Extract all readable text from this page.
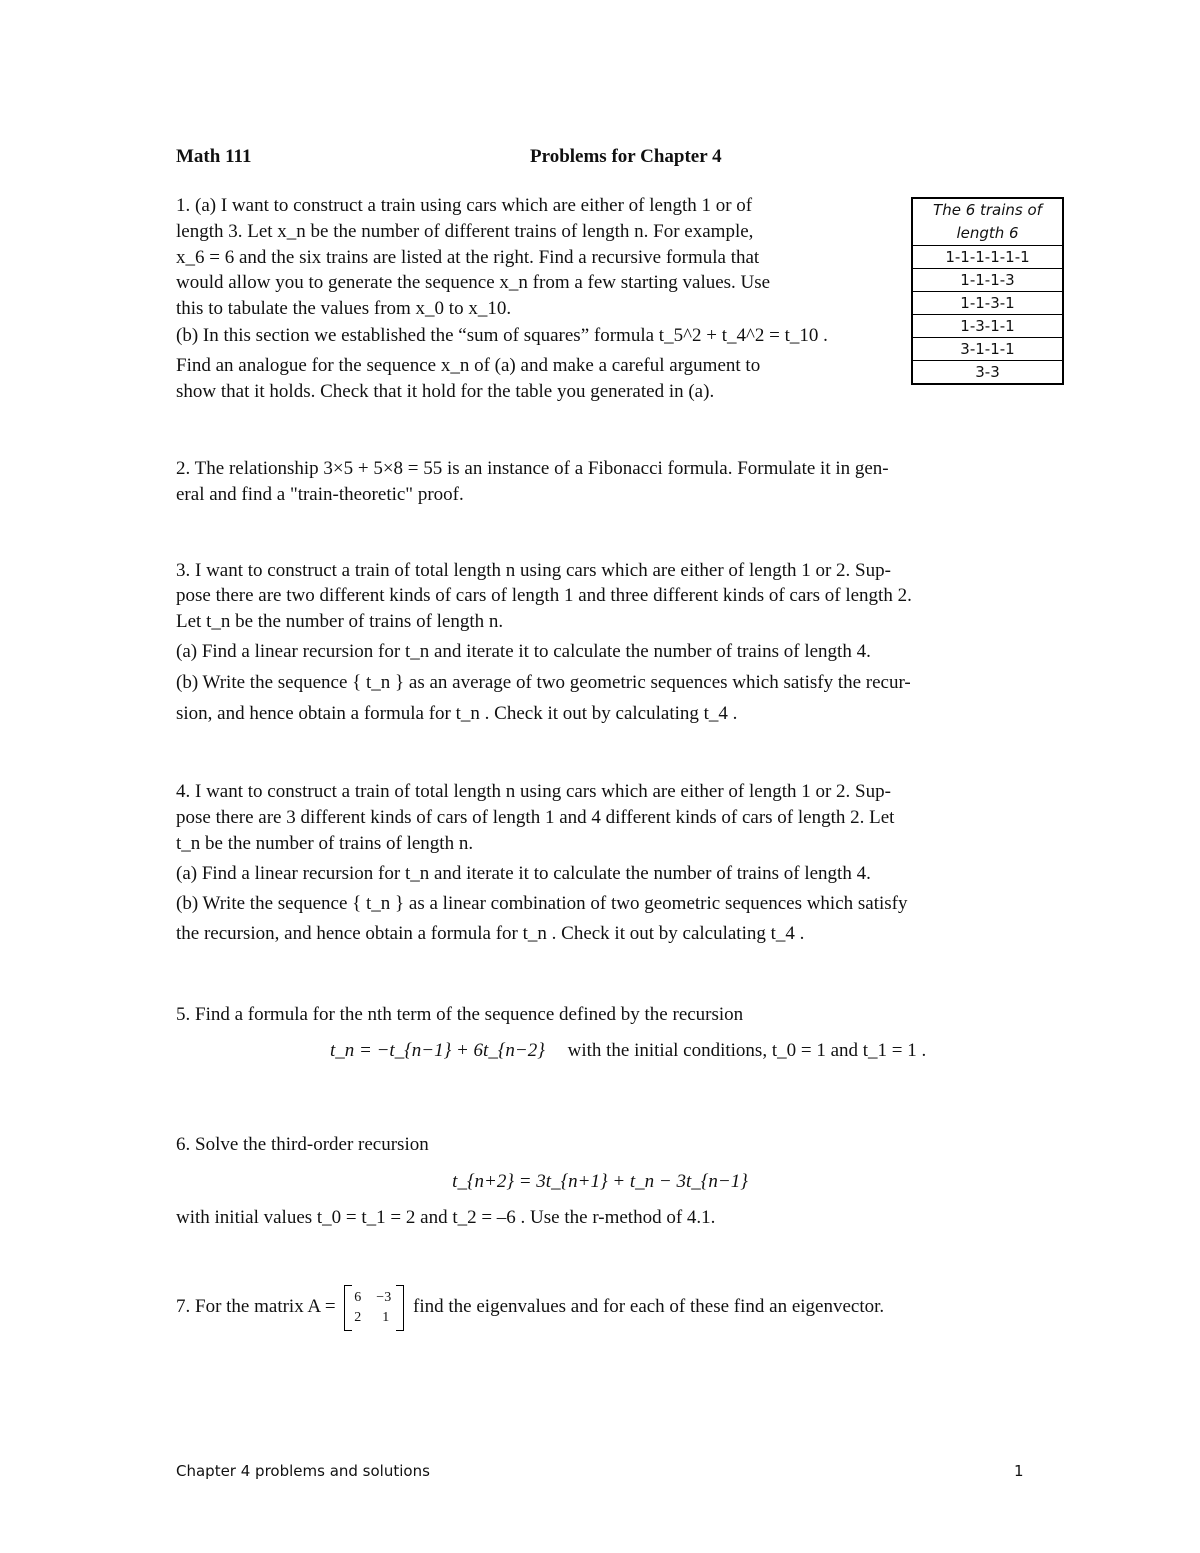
Math 111	Problems for Chapter 4
The 6 trains of length 6
1-1-1-1-1-1
1-1-1-3
1-1-3-1
1-3-1-1
3-1-1-1
3-3
1. (a) I want to construct a train using cars which are either of length 1 or of
length 3. Let x_n be the number of different trains of length n. For example,
x_6 = 6 and the six trains are listed at the right. Find a recursive formula that
would allow you to generate the sequence x_n from a few starting values. Use
this to tabulate the values from x_0 to x_10.
(b) In this section we established the “sum of squares” formula t_5^2 + t_4^2 = t_10 .
Find an analogue for the sequence x_n of (a) and make a careful argument to
show that it holds. Check that it hold for the table you generated in (a).
2. The relationship 3×5 + 5×8 = 55 is an instance of a Fibonacci formula. Formulate it in gen-
eral and find a "train-theoretic" proof.
3. I want to construct a train of total length n using cars which are either of length 1 or 2. Sup-
pose there are two different kinds of cars of length 1 and three different kinds of cars of length 2.
Let t_n be the number of trains of length n.
(a) Find a linear recursion for t_n and iterate it to calculate the number of trains of length 4.
(b) Write the sequence { t_n } as an average of two geometric sequences which satisfy the recur-
sion, and hence obtain a formula for t_n . Check it out by calculating t_4 .
4. I want to construct a train of total length n using cars which are either of length 1 or 2. Sup-
pose there are 3 different kinds of cars of length 1 and 4 different kinds of cars of length 2. Let
t_n be the number of trains of length n.
(a) Find a linear recursion for t_n and iterate it to calculate the number of trains of length 4.
(b) Write the sequence { t_n } as a linear combination of two geometric sequences which satisfy
the recursion, and hence obtain a formula for t_n . Check it out by calculating t_4 .
5. Find a formula for the nth term of the sequence defined by the recursion
t_n = −t_{n−1} + 6t_{n−2} with the initial conditions, t_0 = 1 and t_1 = 1 .
6. Solve the third-order recursion
t_{n+2} = 3t_{n+1} + t_n − 3t_{n−1}
with initial values t_0 = t_1 = 2 and t_2 = –6 . Use the r-method of 4.1.
7. For the matrix A = 6 −3
2 1
find the eigenvalues and for each of these find an eigenvector.
Chapter 4 problems and solutions	1
